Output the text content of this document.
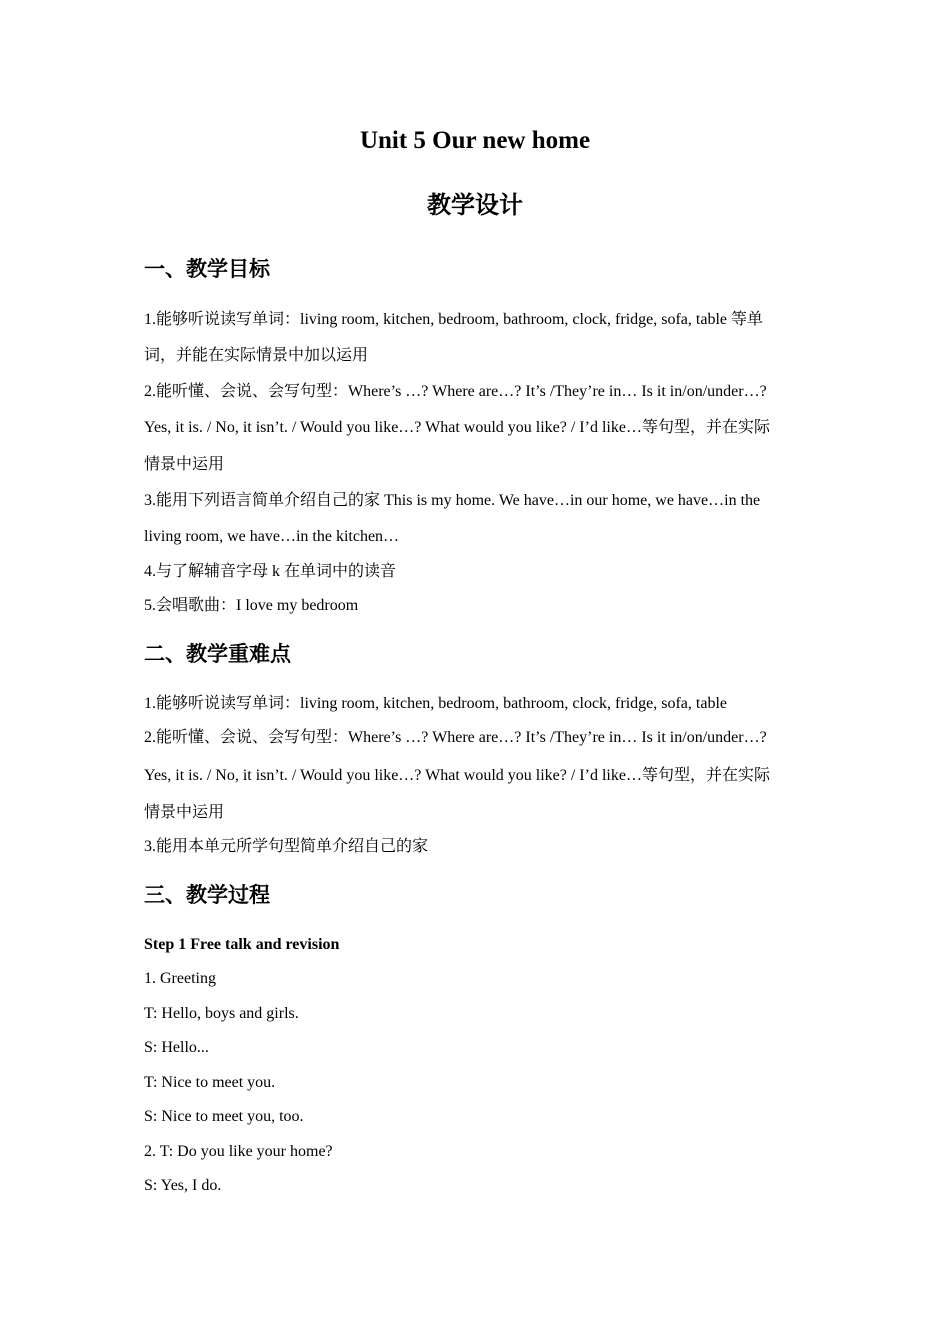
Unit 5 Our new home
教学设计
一、教学目标
1.能够听说读写单词：living room, kitchen, bedroom, bathroom, clock, fridge, sofa, table 等单
词，并能在实际情景中加以运用
2.能听懂、会说、会写句型：Where’s …? Where are…? It’s /They’re in… Is it in/on/under…?
Yes, it is. / No, it isn’t. / Would you like…? What would you like? / I’d like…等句型，并在实际
情景中运用
3.能用下列语言简单介绍自己的家 This is my home. We have…in our home, we have…in the
living room, we have…in the kitchen…
4.与了解辅音字母 k 在单词中的读音
5.会唱歌曲：I love my bedroom
二、教学重难点
1.能够听说读写单词：living room, kitchen, bedroom, bathroom, clock, fridge, sofa, table
2.能听懂、会说、会写句型：Where’s …? Where are…? It’s /They’re in… Is it in/on/under…?
Yes, it is. / No, it isn’t. / Would you like…? What would you like? / I’d like…等句型，并在实际
情景中运用
3.能用本单元所学句型简单介绍自己的家
三、教学过程
Step 1 Free talk and revision
1. Greeting
T: Hello, boys and girls.
S: Hello...
T: Nice to meet you.
S: Nice to meet you, too.
2. T: Do you like your home?
S: Yes, I do.
